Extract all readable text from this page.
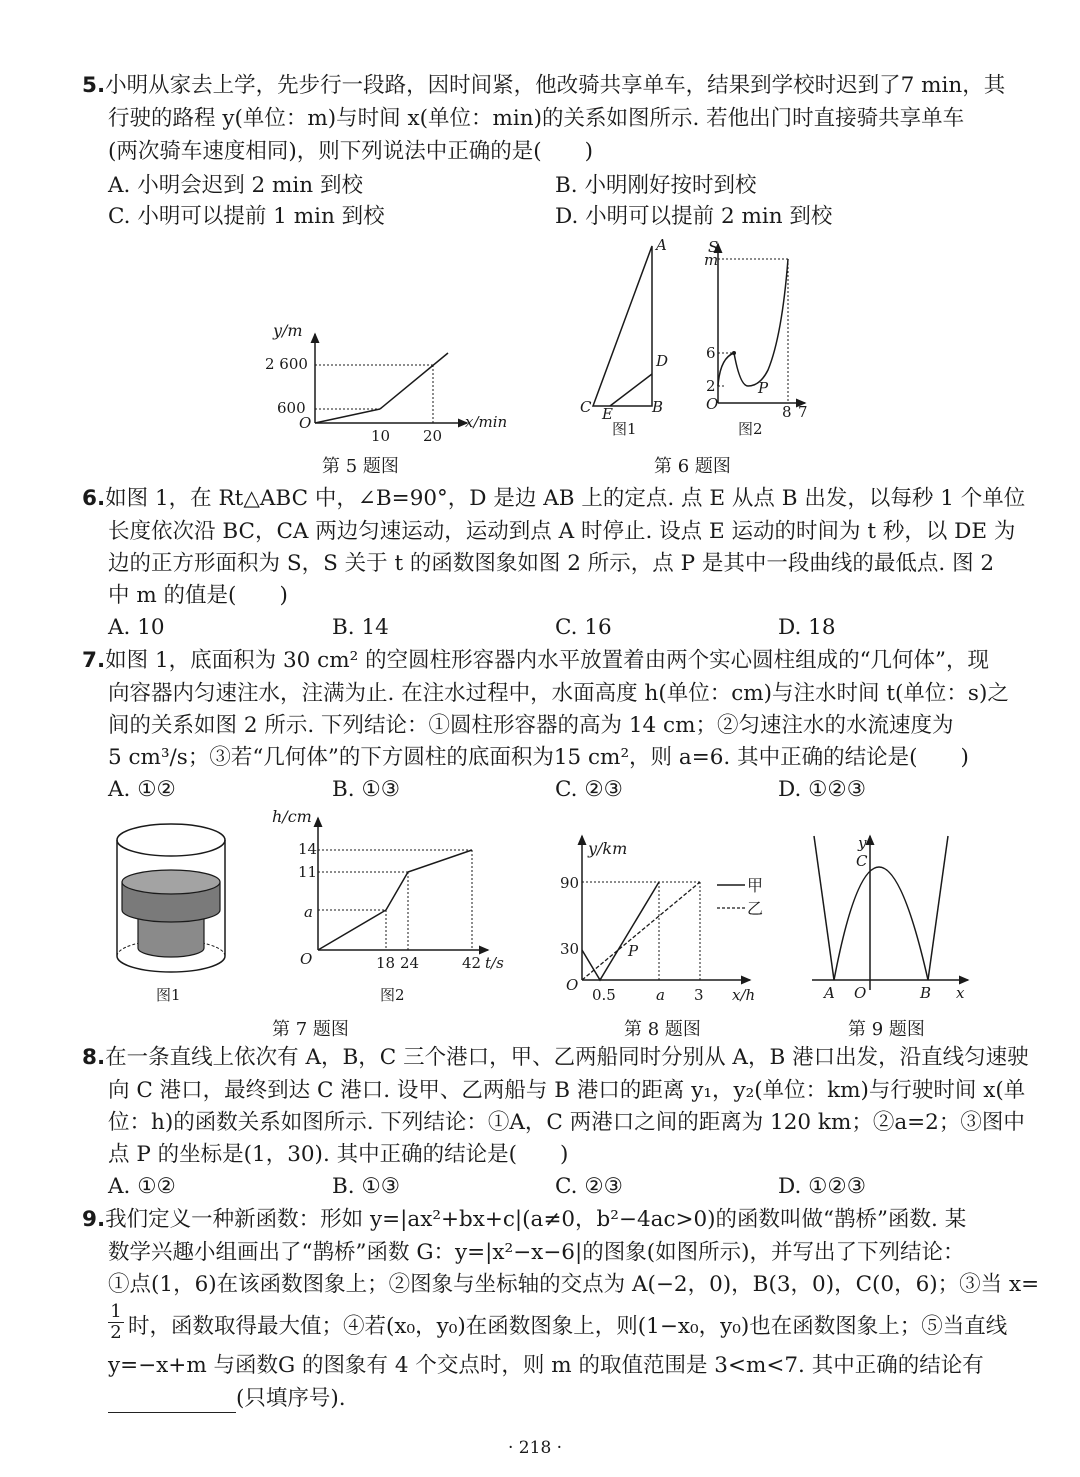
5.小明从家去上学，先步行一段路，因时间紧，他改骑共享单车，结果到学校时迟到了7 min，其
行驶的路程 y(单位：m)与时间 x(单位：min)的关系如图所示. 若他出门时直接骑共享单车
(两次骑车速度相同)，则下列说法中正确的是(　　)
A. 小明会迟到 2 min 到校	B. 小明刚好按时到校
C. 小明可以提前 1 min 到校	D. 小明可以提前 2 min 到校
y/m
2 600
600
O
10 20
x/min
第 5 题图
A
D
B
C E
图1
S
m
6
2
O	8 7
P
图2
第 6 题图
6.如图 1，在 Rt△ABC 中，∠B=90°，D 是边 AB 上的定点. 点 E 从点 B 出发，以每秒 1 个单位
长度依次沿 BC，CA 两边匀速运动，运动到点 A 时停止. 设点 E 运动的时间为 t 秒，以 DE 为
边的正方形面积为 S，S 关于 t 的函数图象如图 2 所示，点 P 是其中一段曲线的最低点. 图 2
中 m 的值是(　　)
A. 10	B. 14	C. 16	D. 18
7.如图 1，底面积为 30 cm² 的空圆柱形容器内水平放置着由两个实心圆柱组成的“几何体”，现
向容器内匀速注水，注满为止. 在注水过程中，水面高度 h(单位：cm)与注水时间 t(单位：s)之
间的关系如图 2 所示. 下列结论：①圆柱形容器的高为 14 cm；②匀速注水的水流速度为
5 cm³/s；③若“几何体”的下方圆柱的底面积为15 cm²，则 a=6. 其中正确的结论是(　　)
A. ①②	B. ①③	C. ②③	D. ①②③
图1
h/cm
14
11
a
O	18 24	42 t/s
图2
第 7 题图
y/km
90
30
O
0.5	a 3 x/h
P
甲
乙
第 8 题图
y
x
A O	B
C
第 9 题图
8.在一条直线上依次有 A，B，C 三个港口，甲、乙两船同时分别从 A，B 港口出发，沿直线匀速驶
向 C 港口，最终到达 C 港口. 设甲、乙两船与 B 港口的距离 y₁，y₂(单位：km)与行驶时间 x(单
位：h)的函数关系如图所示. 下列结论：①A，C 两港口之间的距离为 120 km；②a=2；③图中
点 P 的坐标是(1，30). 其中正确的结论是(　　)
A. ①②	B. ①③	C. ②③	D. ①②③
9.我们定义一种新函数：形如 y=|ax²+bx+c|(a≠0，b²−4ac>0)的函数叫做“鹊桥”函数. 某
数学兴趣小组画出了“鹊桥”函数 G：y=|x²−x−6|的图象(如图所示)，并写出了下列结论：
①点(1，6)在该函数图象上；②图象与坐标轴的交点为 A(−2，0)，B(3，0)，C(0，6)；③当 x=
$\frac{1}{2}$ 时，函数取得最大值；④若(x₀，y₀)在函数图象上，则(1−x₀，y₀)也在函数图象上；⑤当直线
y=−x+m 与函数G 的图象有 4 个交点时，则 m 的取值范围是 3<m<7. 其中正确的结论有
(只填序号).
· 218 ·
